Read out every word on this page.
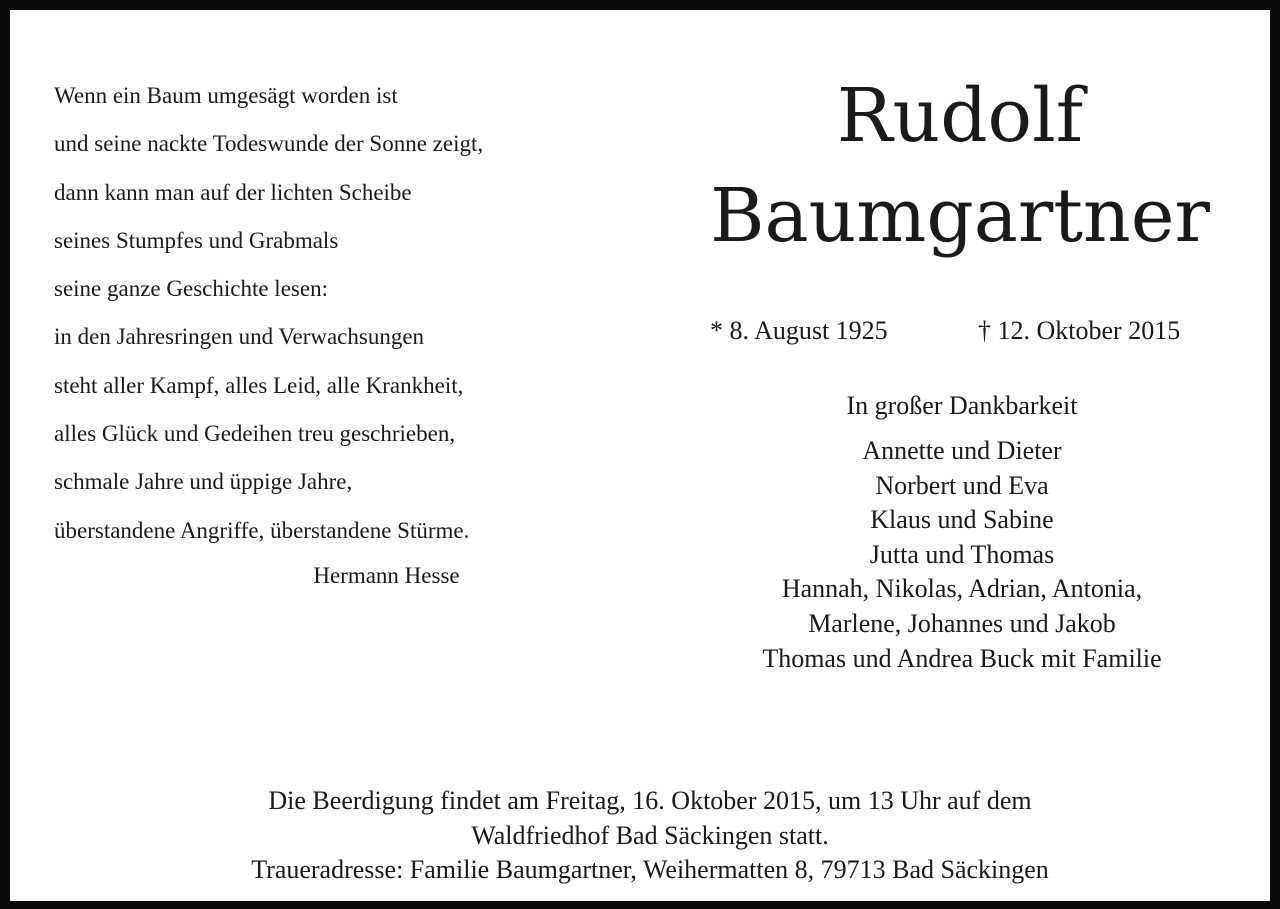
Wenn ein Baum umgesägt worden ist
und seine nackte Todeswunde der Sonne zeigt,
dann kann man auf der lichten Scheibe
seines Stumpfes und Grabmals
seine ganze Geschichte lesen:
in den Jahresringen und Verwachsungen
steht aller Kampf, alles Leid, alle Krankheit,
alles Glück und Gedeihen treu geschrieben,
schmale Jahre und üppige Jahre,
überstandene Angriffe, überstandene Stürme.
Hermann Hesse
Rudolf
Baumgartner
* 8. August 1925	† 12. Oktober 2015
In großer Dankbarkeit
Annette und Dieter
Norbert und Eva
Klaus und Sabine
Jutta und Thomas
Hannah, Nikolas, Adrian, Antonia,
Marlene, Johannes und Jakob
Thomas und Andrea Buck mit Familie
Die Beerdigung findet am Freitag, 16. Oktober 2015, um 13 Uhr auf dem
Waldfriedhof Bad Säckingen statt.
Traueradresse: Familie Baumgartner, Weihermatten 8, 79713 Bad Säckingen
